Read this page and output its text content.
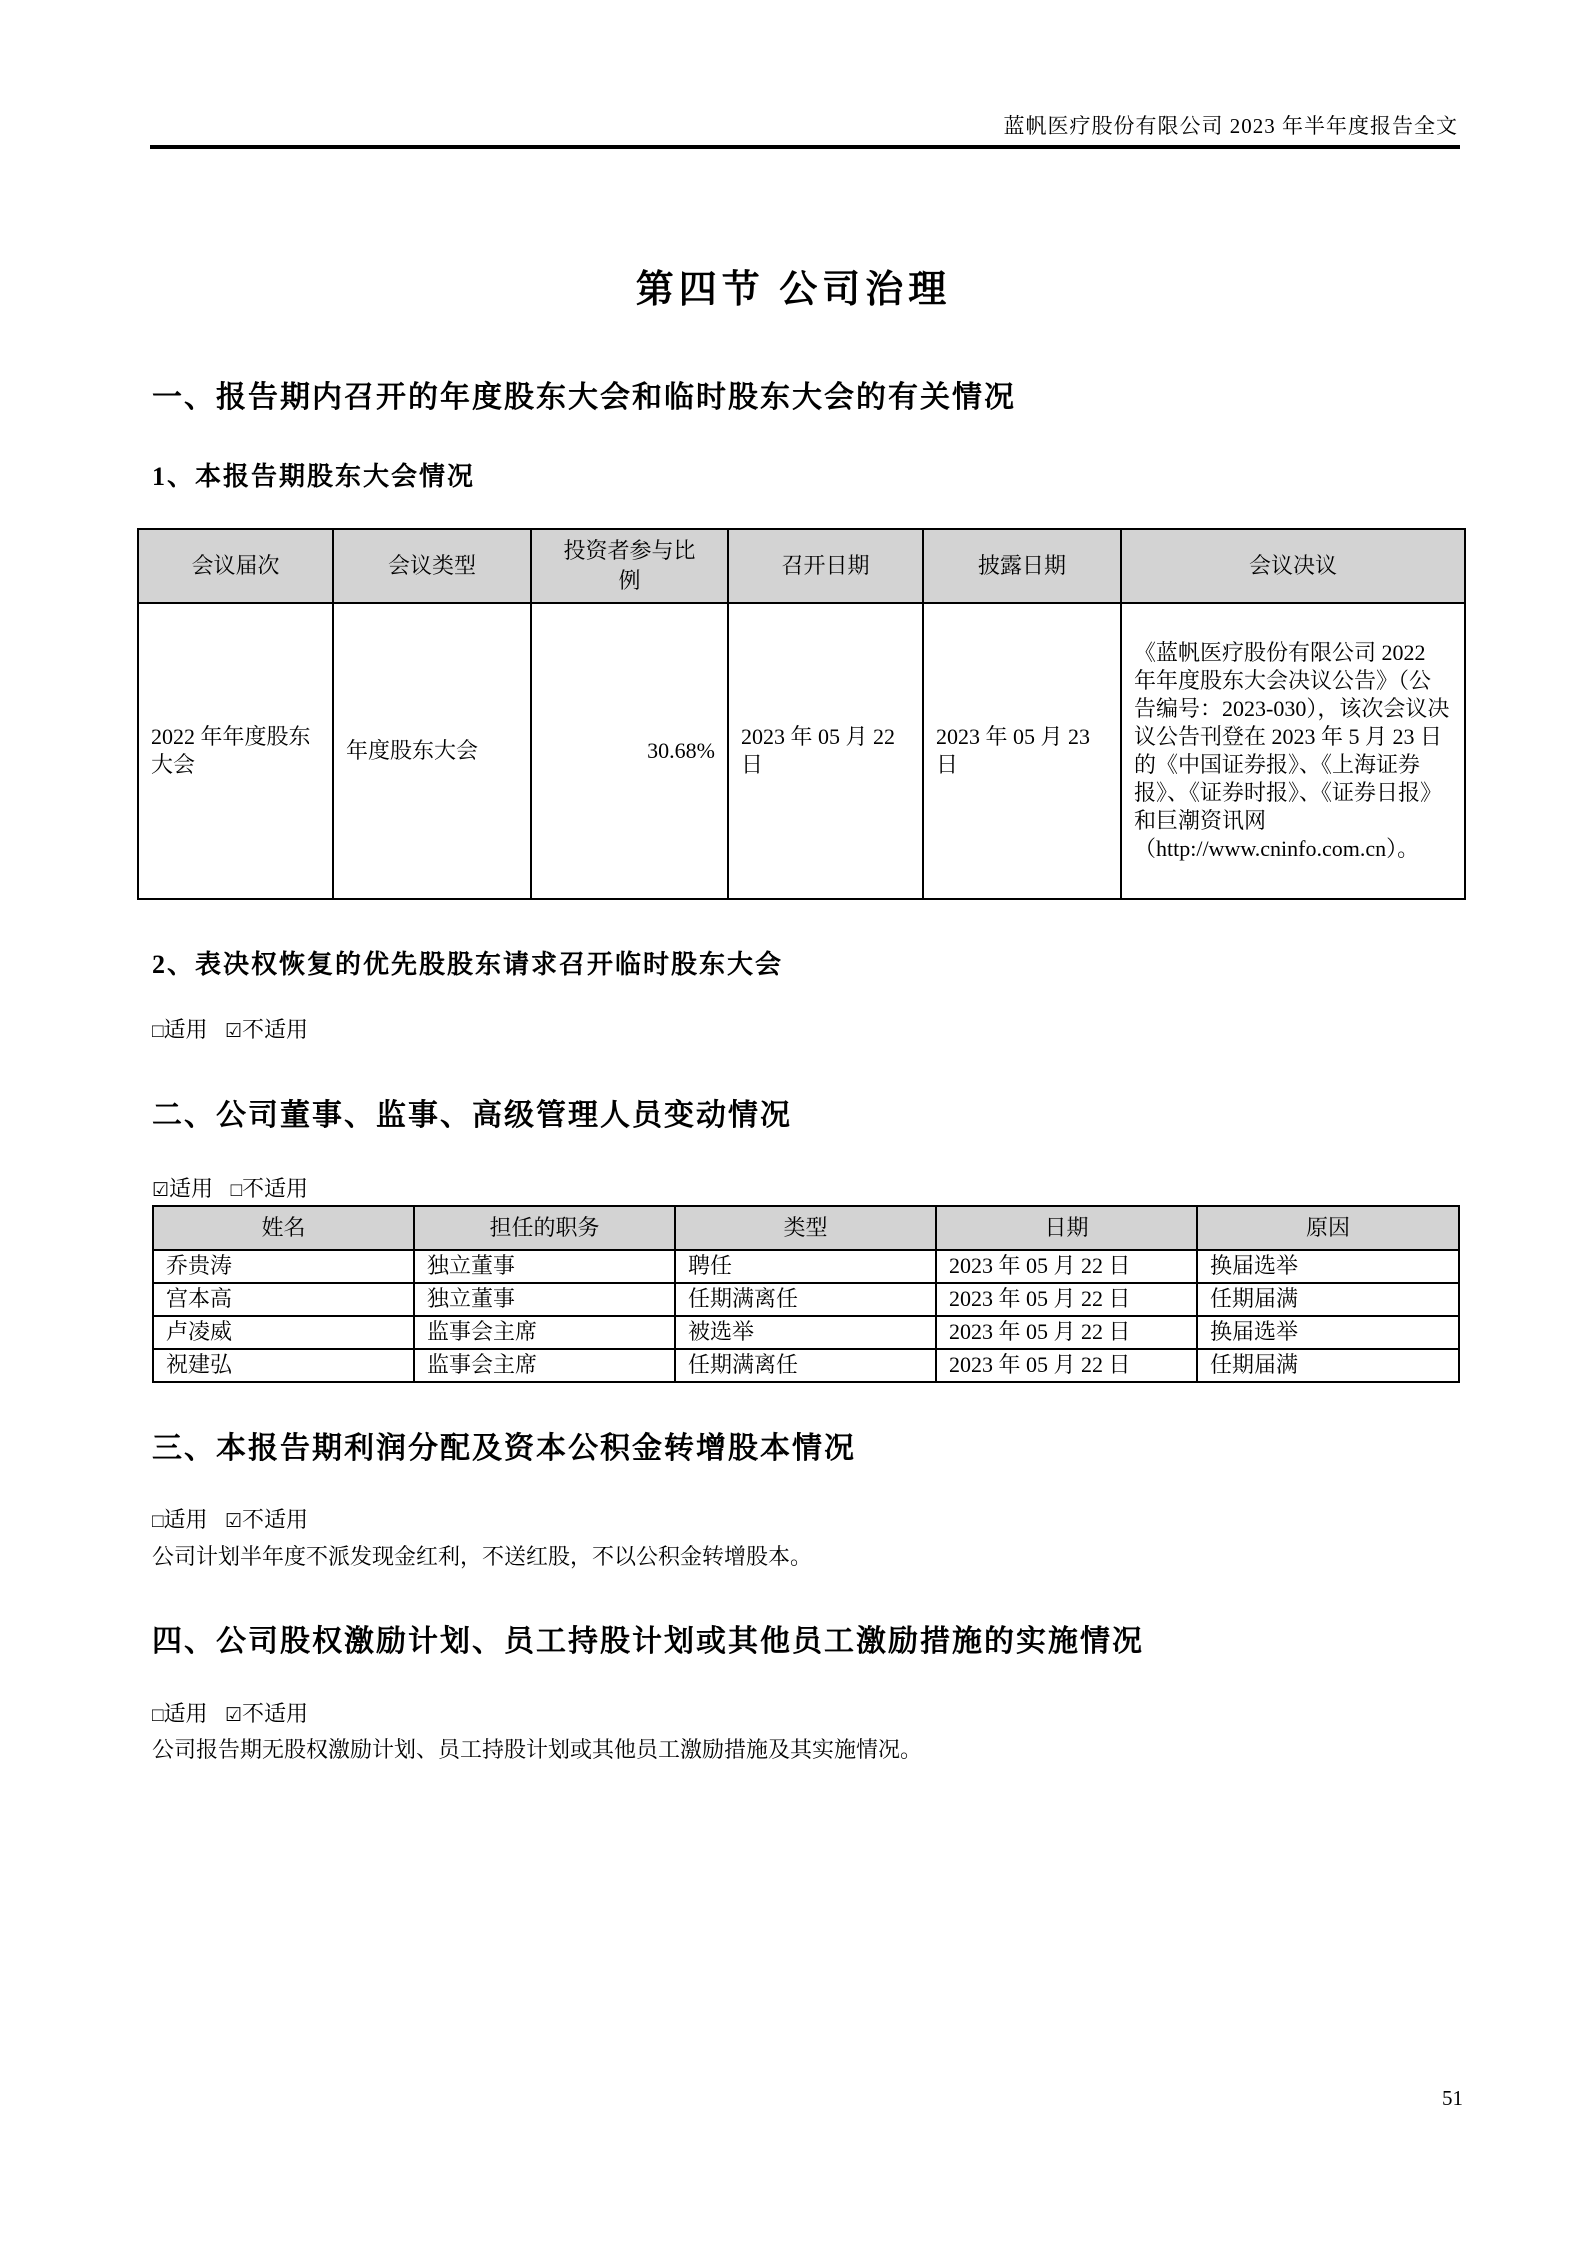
蓝帆医疗股份有限公司 2023 年半年度报告全文
第四节 公司治理
一、报告期内召开的年度股东大会和临时股东大会的有关情况
1、本报告期股东大会情况
会议届次	会议类型	投资者参与比例	召开日期	披露日期	会议决议
2022 年年度股东大会	年度股东大会	30.68%	2023 年 05 月 22 日	2023 年 05 月 23 日	《蓝帆医疗股份有限公司 2022 年年度股东大会决议公告》（公告编号：2023-030），该次会议决议公告刊登在 2023 年 5 月 23 日的《中国证券报》、《上海证券报》、《证券时报》、《证券日报》和巨潮资讯网（http://www.cninfo.com.cn）。
2、表决权恢复的优先股股东请求召开临时股东大会

□适用 ☑不适用

二、公司董事、监事、高级管理人员变动情况

☑适用 □不适用

姓名	担任的职务	类型	日期	原因
乔贵涛	独立董事	聘任	2023 年 05 月 22 日	换届选举
宫本高	独立董事	任期满离任	2023 年 05 月 22 日	任期届满
卢凌威	监事会主席	被选举	2023 年 05 月 22 日	换届选举
祝建弘	监事会主席	任期满离任	2023 年 05 月 22 日	任期届满
三、本报告期利润分配及资本公积金转增股本情况

□适用 ☑不适用

公司计划半年度不派发现金红利，不送红股，不以公积金转增股本。

四、公司股权激励计划、员工持股计划或其他员工激励措施的实施情况

□适用 ☑不适用

公司报告期无股权激励计划、员工持股计划或其他员工激励措施及其实施情况。

51
